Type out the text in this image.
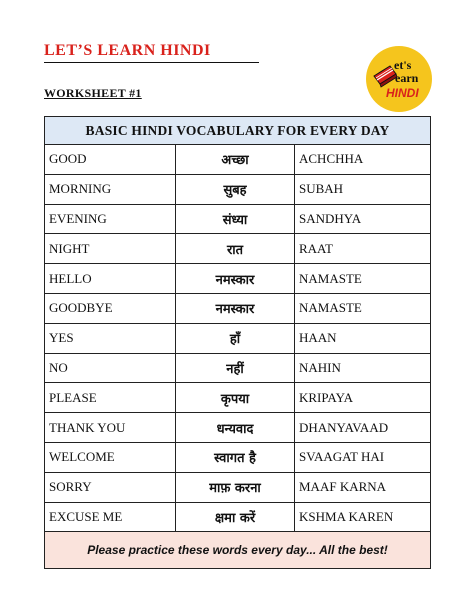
LET’S LEARN HINDI
WORKSHEET #1
et's
earn
HINDI
BASIC HINDI VOCABULARY FOR EVERY DAY		
GOOD	अच्छा	ACHCHHA
MORNING	सुबह	SUBAH
EVENING	संध्या	SANDHYA
NIGHT	रात	RAAT
HELLO	नमस्कार	NAMASTE
GOODBYE	नमस्कार	NAMASTE
YES	हाँ	HAAN
NO	नहीं	NAHIN
PLEASE	कृपया	KRIPAYA
THANK YOU	धन्यवाद	DHANYAVAAD
WELCOME	स्वागत है	SVAAGAT HAI
SORRY	माफ़ करना	MAAF KARNA
EXCUSE ME	क्षमा करें	KSHMA KAREN
Please practice these words every day... All the best!		
